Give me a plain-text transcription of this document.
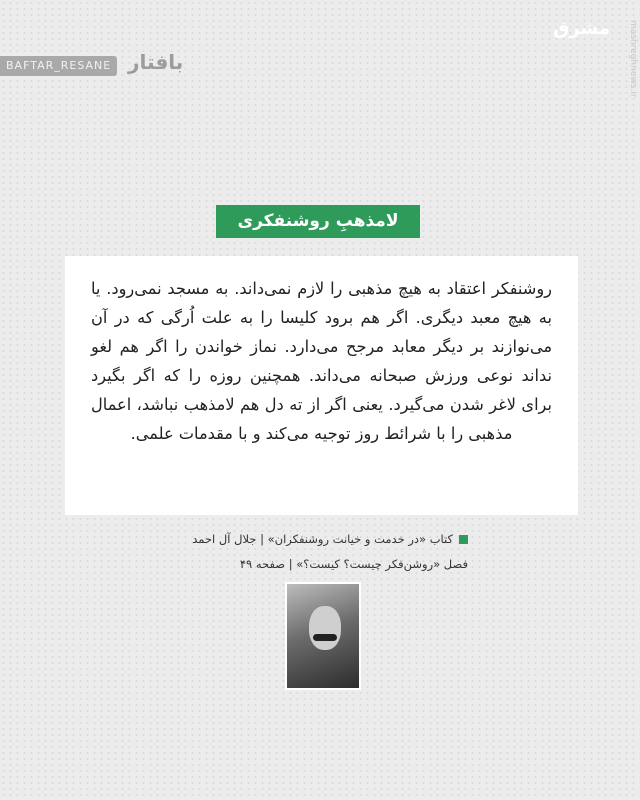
BAFTAR_RESANE بافتار
مشرق mashreghnews.ir
لامذهبِ روشنفکری
روشنفکر اعتقاد به هیچ مذهبی را لازم نمی‌داند. به مسجد نمی‌رود. یا به هیچ معبد دیگری. اگر هم برود کلیسا را به علت اُرگی که در آن می‌نوازند بر دیگر معابد مرجح می‌دارد. نماز خواندن را اگر هم لغو نداند نوعی ورزش صبحانه می‌داند. همچنین روزه را که اگر بگیرد برای لاغر شدن می‌گیرد. یعنی اگر از ته دل هم لامذهب نباشد، اعمال مذهبی را با شرائط روز توجیه می‌کند و با مقدمات علمی.
کتاب «در خدمت و خیانت روشنفکران» | جلال آل احمد
فصل «روشن‌فکر چیست؟ کیست؟» | صفحه ۴۹
